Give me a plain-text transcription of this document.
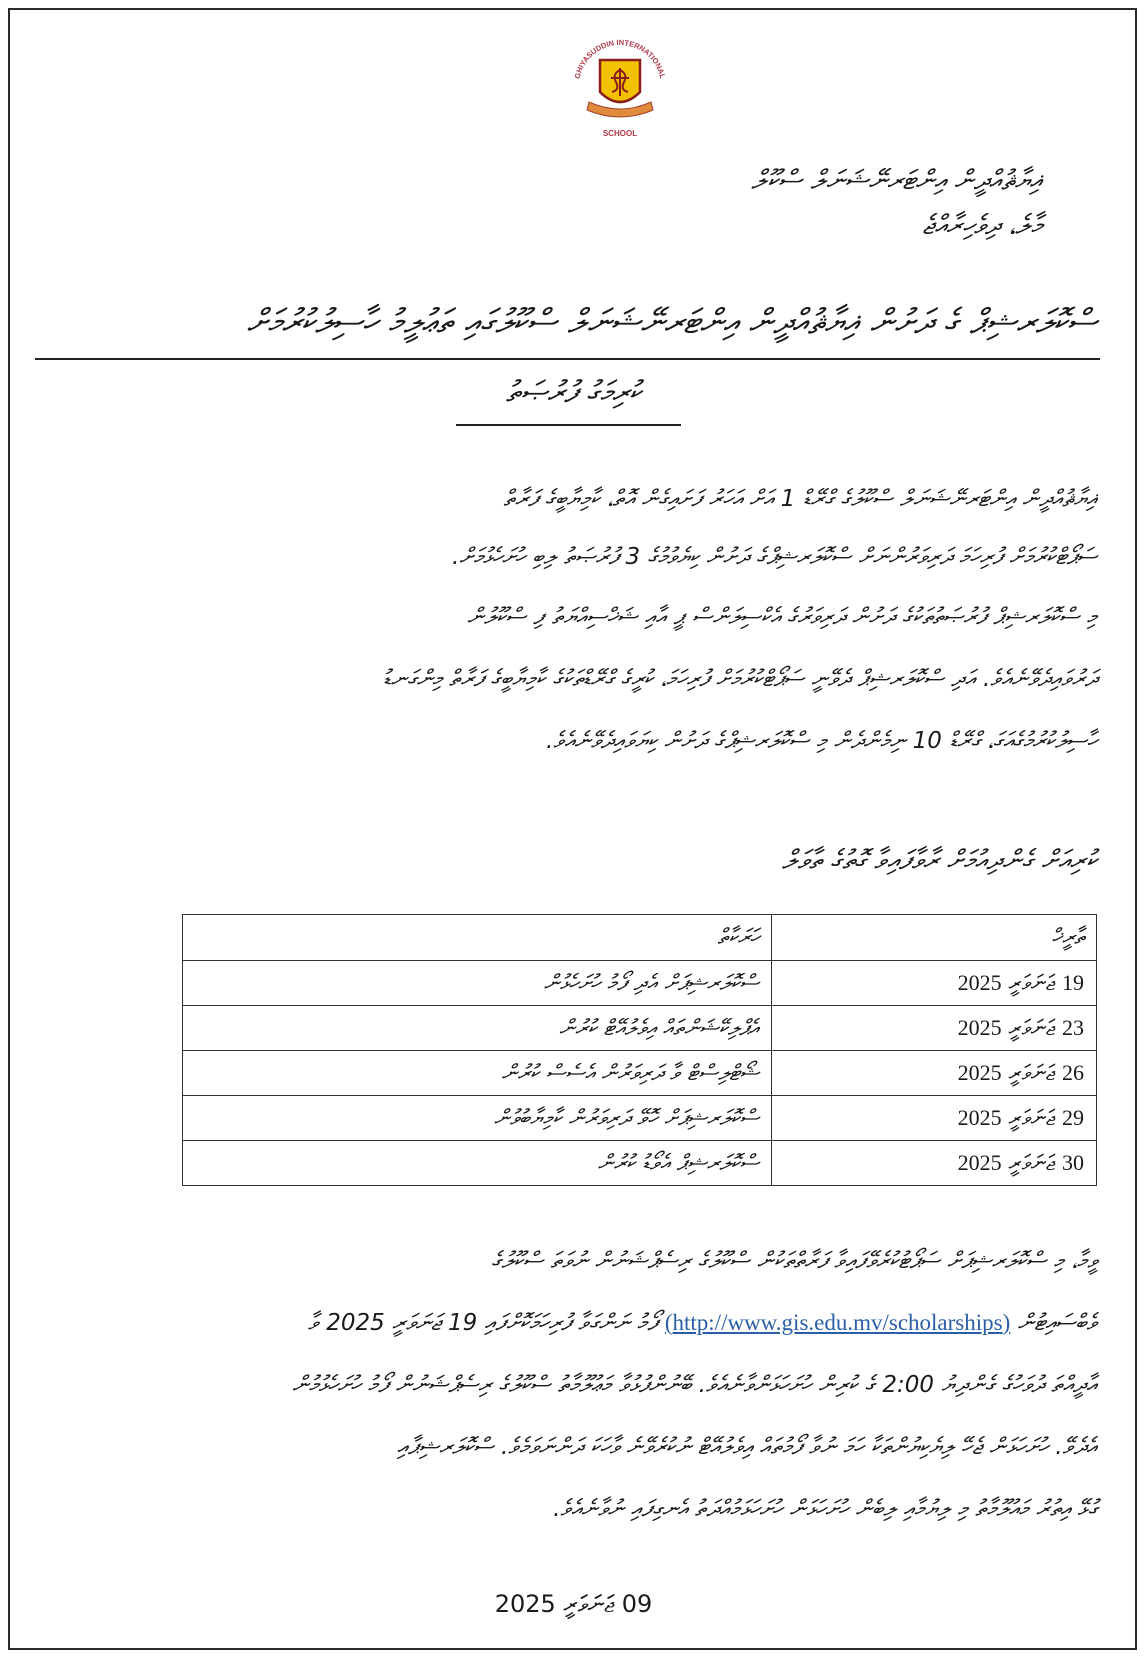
GHIYASUDDIN INTERNATIONAL
SCHOOL
ޣިޔާޘުއްދީން އިންޓަރނޭޝަނަލް ސްކޫލް
މާލެ، ދިވެހިރާއްޖެ
ސްކޮލަރޝިޕް ގެ ދަށުން ޣިޔާޘުއްދީން އިންޓަރނޭޝަނަލް ސްކޫލުގައި ތަޢުލީމު ހާސިލުކުރުމަށް
ކުރިމަގު ފުރުޞަތު
ޣިޔާޘުއްދީން އިންޓަރނޭޝަނަލް ސްކޫލުގެ ގްރޭޑް 1 އަށް އަހަރު ފަށައިގެން އޮތް، ކާމިޔާބީގެ ފަރާތް
ސަޕޯޓްކުރުމަށް ފުރިހަމަ ދަރިވަރުންނަށް ސްކޮލަރޝިޕްގެ ދަށުން ކިޔެވުމުގެ 3 ފުރުޞަތު ލިބި ހުށަހެޅުމަށް.
މި ސްކޮލަރޝިޕް ފުރުޞަތުތަކުގެ ދަށުން ދަރިވަރުގެ އެކްސިލަންސް ޕީ އާއި ޝަޚްސިއްޔަތު ފި ސްކޫލުން
ދަރުވައިދެވޭނެއެވެ. އަދި ސްކޮލަރޝިޕް ދެވޭނީ ސަޕޯޓްކުރުމަށް ފުރިހަމަ، ކުރީގެ ގްރޭޑްތަކުގެ ކާމިޔާބީގެ ފަރާތް މިންގަނޑު
ހާސިލުކުރުމުގެއަގަ، ގްރޭޑް 10 ނިމެންދެން މި ސްކޮލަރޝިޕްގެ ދަށުން ކިޔަވައިދެވޭނެއެވެ.
ކުރިއަށް ގެންދިއުމަށް ރާވާފައިވާ ގޮތުގެ ތާވަލް
ތާރީޚް	ހަރަކާތް
19 ޖަނަވަރީ 2025	ސްކޮލަރޝިޕަށް އެދި ފޯމު ހުށަހެޅުން
23 ޖަނަވަރީ 2025	އެޕްލިކޭޝަންތައް އިވެލުއޭޓް ކުރުން
26 ޖަނަވަރީ 2025	ޝޯޓްލިސްޓް ވާ ދަރިވަރުން އެސެސް ކުރުން
29 ޖަނަވަރީ 2025	ސްކޮލަރޝިޕަށް ހޮވޭ ދަރިވަރުން ކާމިޔާބުވުން
30 ޖަނަވަރީ 2025	ސްކޮލަރޝިޕް އެވޯޑު ކުރުން
ވީމާ، މި ސްކޮލަރޝިޕަށް ސަޕޯޓުކުރެވޭފައިވާ ފަރާތްތަކުން ސްކޫލުގެ ރިސެޕްޝަނުން ނުވަތަ ސްކޫލުގެ
ވެބްސައިޓުން (http://www.gis.edu.mv/scholarships) ފޯމު ނަންގަވާ ފުރިހަމަކޮށްފައި 19 ޖަނަވަރީ 2025 ވާ
އާދީއްތަ ދުވަހުގެ ގެންދިޔު 2:00 ގެ ކުރިން ހުށަހަޅަންވާނެއެވެ. ބޭނުންފުޅުވާ މަޢުލޫމާތު ސްކޫލުގެ ރިސެޕްޝަނުން ފޯމު ހުށަހެޅުމުން
އެދެވޭ. ހުށަހަޅަން ޖެހޭ ލިޔެކިޔުންތަކާ ހަމަ ނުވާ ފޯމުތައް އިވެލުއޭޓް ނުކުރެވޭނެ ވާހަކަ ދަންނަވަމެވެ. ސްކޮލަރޝިޕާއި
ގުޅޭ އިތުރު މައުލޫމާތު މި ލިޔުމާއި ލިބެން ހުށަހަޅަން ހުށަހަޅަމުއްދަތު އެނގިފައި ނުވާނެއެވެ.
09 ޖަނަވަރީ 2025
